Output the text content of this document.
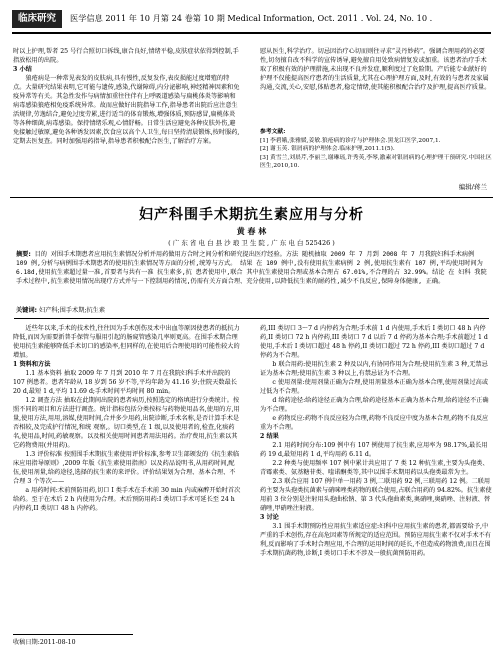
临床研究	医学信息 2011 年 10 月第 24 卷第 10 期 Medical Information, Oct. 2011 . Vol. 24, No. 10 .

时以上护理,帮者 25 号行合照切口拆线,康合良好,情绪平稳,皮肤症状依得到控制,手指放松用的出院。

3 小结

狼疮病是一种常见表发的皮肤病,具有慢性,反复发作,表皮损能过度增殖的特点。大量研究结果表明,它可能与遗传,感染,代谢障碍,内分泌影响,神经精神因素和免疫异常等有关。其急性发作与病情加重往往伴有上呼吸道感染与扁桃体炎等影响和病毒感染狼疮相免疫系统异常。故而应做好出院指导工作,指导患者出院后应注意生活规律,劳逸结合,避免过度劳累,进行适当的体育锻炼,增强体质,预防感冒,扁桃体炎等各种细菌,病毒感染。保持情绪乐观,心情舒畅。日常生活应避免各种皮肤外伤,避免接触过敏原,避免各种诱发因素,饮食应以高个人卫生,每日坚持清晨锻炼,按时服药,定期去医复查。同时加强用药指导,指导患者积极配合医生,了解治疗方案。

慰从医生,科学治疗。切忌因治疗心切而则往寻求“灵丹妙药”。强调合理用药的必要性,切勿擅自改不科学的宣传诱导,避免擅自用处致病情复发或加重。该患者治疗手术取了积极有效的护理措施,未出现不良并发症,顺利度过了危险期。产后能专业献好的护理不仅能提高医疗患者的生活质量,尤其在心理护理方面,及时,有效的与患者及家属沟通,交流,关心,安慰,体贴患者,稳定情绪,使其能积极配合治疗及护理,提高医疗质量。

参考文献:

[1] 李碧娥,张雅媛,姜敏.狼疮病的诊疗与护理体会.黑龙江医学,2007,1.

[2] 谢玉英. 银屑病的护理体会.临床护理,2011.1(5).

[3] 黄雪兰,刘晨芹,李丽兰,谢琳瑶,许秀英,李琴,激素对银屑病的心理护理干预研究.中国社区医生,2010,10.

编辑/蒋兰
妇产科围手术期抗生素应用与分析
黄 春 林
( 广 东 省 电 白 县 沙 琅 卫 生 院 , 广 东 电 白 525426 )
摘要: 目的 对围手术期患者应用抗生素情况分析并用药做用方合时之间分析和研究提出医疗经验。方法 随机抽取 2009 年 7 月到 2008 年 7 月我院妇科手术病例 109 例,分析与病例围手术期患者的使用抗生素情况等方面的分析,统筹与方式。 结果 在 109 例中,没有使用抗生素病例 2 例,使用抗生素有 107 例,平均使用时间为 6.18d,使用抗生素超过量一准,首要者与共有一准 抗生素多,抗 患者使用中,联合 其中抗生素使用合理或基本合理占 67.01%,不合理的占 32.99%。结论 在 妇科 我院手术过程中,抗生素使用情况出现疗方式并与一下控制用药情况,仍需有关方面合理、充分使用,以降低抗生素的耐药性,减少不良反应,保障身体健康, 正确。
关键词: 妇产科;围手术期;抗生素

近些年以来,手术的技术性,往往因为手术创伤及术中出血等原因使患者的抵抗力降低,而因为需要新普手保管与服用引起的肠窥管感染几率则更高。在围手术期合理使用抗生素能够降低手术切口的感染率,但同样的,在使用后合理使用的可能性较大的增加。

1 资料和方法

1.1 基本资料 抽取 2009 年 7 月到 2010 年 7 月在我院妇科手术并出院的 107 例患者。患者年龄从 18 岁到 56 岁不等,平均年龄为 41.16 岁;住院天数最长 20 d,最短 1 d,平均 11.69 d;手术时间平均时间 80 min。

1.2 调查方法 抽取在此期间出院的患者病历,按照选定的格填进行分类统计。按照不同的项目和方法进行调查。统计指标包括分类按标与药物使用品名,使用的方,用量,使用方法,用用,溶媒,使用时间,合并多少用药,出院诊断,手术名称,是否计算手术是否相较,及完成护行情况,和统 观察,。切口类型,在 1 级,以及使用者的,检查,化痰药名,使用品,时间,药敏观察。以及相关使用时间患者用法用药。治疗费用,抗生素以其它药物费用(并用药)。

1.3 评价标准 按照围手术期抗生素使用评价标准,参考卫生部颁发的《抗生素临床应用指导原则》,2009 年版《抗生素使用指南》以及药品说明书,从用药时间,配伍,使用剂量,给药途径,选择的抗生素的来评价。评价结果划为合理、基本合理、不合理 3 个等次——

a 用药时间:术前预防用药,切口 I 类手术在手术前 30 min 内或麻醉开始时首次给药。至于在术后 2 h 内使用为合理。术后预防用药:I 类切口手术可延长至 24 h 内停药,II 类切口 48 h 内停药。

药,III 类切口 3～7 d 内停药为合理;手术前 1 d 内使用,手术后 I 类切口 48 h 内停药,II 类切口 72 h 内停药,III 类切口 7 d 以后 7 d 停药为基本合理;手术前超过 1 d 使用,手术后 I 类切口超过 48 h 停药,II 类切口超过 72 h 停药,III 类切口超过 7 d 停药为不合理。

b 联合用药:使用抗生素 2 种及以内,有协同作用为合理;使用抗生素 3 种,无禁忌证为基本合理;使用抗生素 3 种以上,有禁忌证为不合理。

c 使用剂量:使用剂量正确为合理,使用剂量基本正确为基本合理,使用剂量过高或过低为不合理。

d 给药途径:给药途径正确为合理,给药途径基本正确为基本合理,给药途径不正确为不合理。

e 药物反应:药物不良反应轻为合理,药物不良反应中度为基本合理,药物不良反应重为不合理。

2 结果

2.1 用药时间分布:109 例中有 107 例使用了抗生素,应用率为 98.17%,最长用药 19 d,最短用药 1 d,平均用药 6.11 d。

2.2 种类与使用频率 107 例中累计共应用了 7 类 12 种抗生素,主要为头孢类、青霉素类、氨基糖苷类、喹诺酮类等,其中以围手术期用药以头孢类最常为主。

2.3 联合应用 107 例中单一用药 3 例,二联用药 92 例,三联用药 12 例。二联用药主要为头孢类抗菌素与硝咪唑类药物的联合使用,占联合用药的 94.82%。抗生素使用前 3 位分别是注射用头孢曲松钠、第 3 代头孢曲素类,奥硝唑,奥硝唑、注射液、替硝唑,甲硝唑注射液。

3 讨论

3.1 围手术期预防性应用抗生素适应症:妇科中应用抗生素的患者,都需要给予,中严重的手术创伤,存在高危因素等所规定的适应范围。预防应用抗生素不仅对手术不有利,反而影响了手术时合理应用,不合理的运用时间的延长,不但造成药物浪费,而且在围手术期抗菌药物,诊断,I 类切口手术不涉及一般抗菌预防用药。

收稿日期:2011-08-10
